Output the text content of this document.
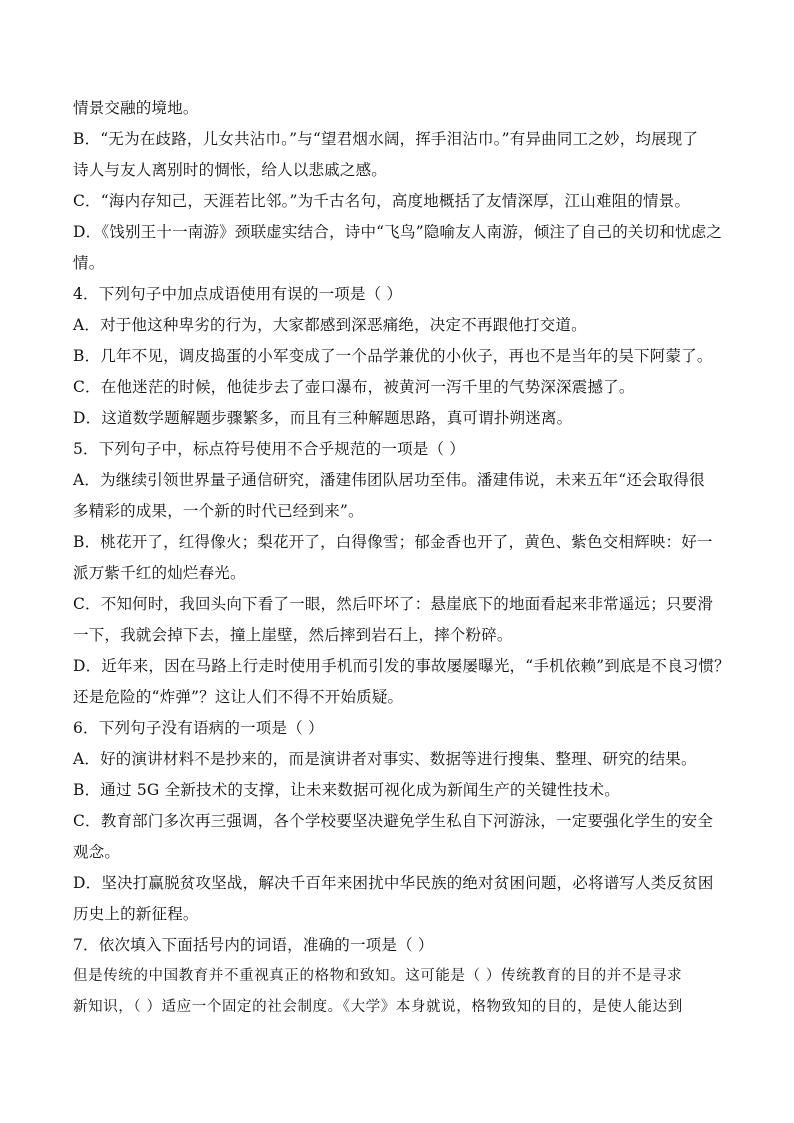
情景交融的境地。
B．“无为在歧路，儿女共沾巾。”与“望君烟水阔，挥手泪沾巾。”有异曲同工之妙，均展现了
诗人与友人离别时的惆怅，给人以悲戚之感。
C．“海内存知己，天涯若比邻。”为千古名句，高度地概括了友情深厚，江山难阻的情景。
D．《饯别王十一南游》颈联虚实结合，诗中“飞鸟”隐喻友人南游，倾注了自己的关切和忧虑之
情。
4．下列句子中加点成语使用有误的一项是（ ）
A．对于他这种卑劣的行为，大家都感到深恶痛绝，决定不再跟他打交道。
B．几年不见，调皮捣蛋的小军变成了一个品学兼优的小伙子，再也不是当年的吴下阿蒙了。
C．在他迷茫的时候，他徒步去了壶口瀑布，被黄河一泻千里的气势深深震撼了。
D．这道数学题解题步骤繁多，而且有三种解题思路，真可谓扑朔迷离。
5．下列句子中，标点符号使用不合乎规范的一项是（ ）
A．为继续引领世界量子通信研究，潘建伟团队居功至伟。潘建伟说，未来五年“还会取得很
多精彩的成果，一个新的时代已经到来”。
B．桃花开了，红得像火；梨花开了，白得像雪；郁金香也开了，黄色、紫色交相辉映：好一
派万紫千红的灿烂春光。
C．不知何时，我回头向下看了一眼，然后吓坏了：悬崖底下的地面看起来非常遥远；只要滑
一下，我就会掉下去，撞上崖壁，然后摔到岩石上，摔个粉碎。
D．近年来，因在马路上行走时使用手机而引发的事故屡屡曝光，“手机依赖”到底是不良习惯？
还是危险的“炸弹”？这让人们不得不开始质疑。
6．下列句子没有语病的一项是（ ）
A．好的演讲材料不是抄来的，而是演讲者对事实、数据等进行搜集、整理、研究的结果。
B．通过 5G 全新技术的支撑，让未来数据可视化成为新闻生产的关键性技术。
C．教育部门多次再三强调，各个学校要坚决避免学生私自下河游泳，一定要强化学生的安全
观念。
D．坚决打赢脱贫攻坚战，解决千百年来困扰中华民族的绝对贫困问题，必将谱写人类反贫困
历史上的新征程。
7．依次填入下面括号内的词语，准确的一项是（ ）
但是传统的中国教育并不重视真正的格物和致知。这可能是（ ）传统教育的目的并不是寻求
新知识，（ ）适应一个固定的社会制度。《大学》本身就说，格物致知的目的，是使人能达到
